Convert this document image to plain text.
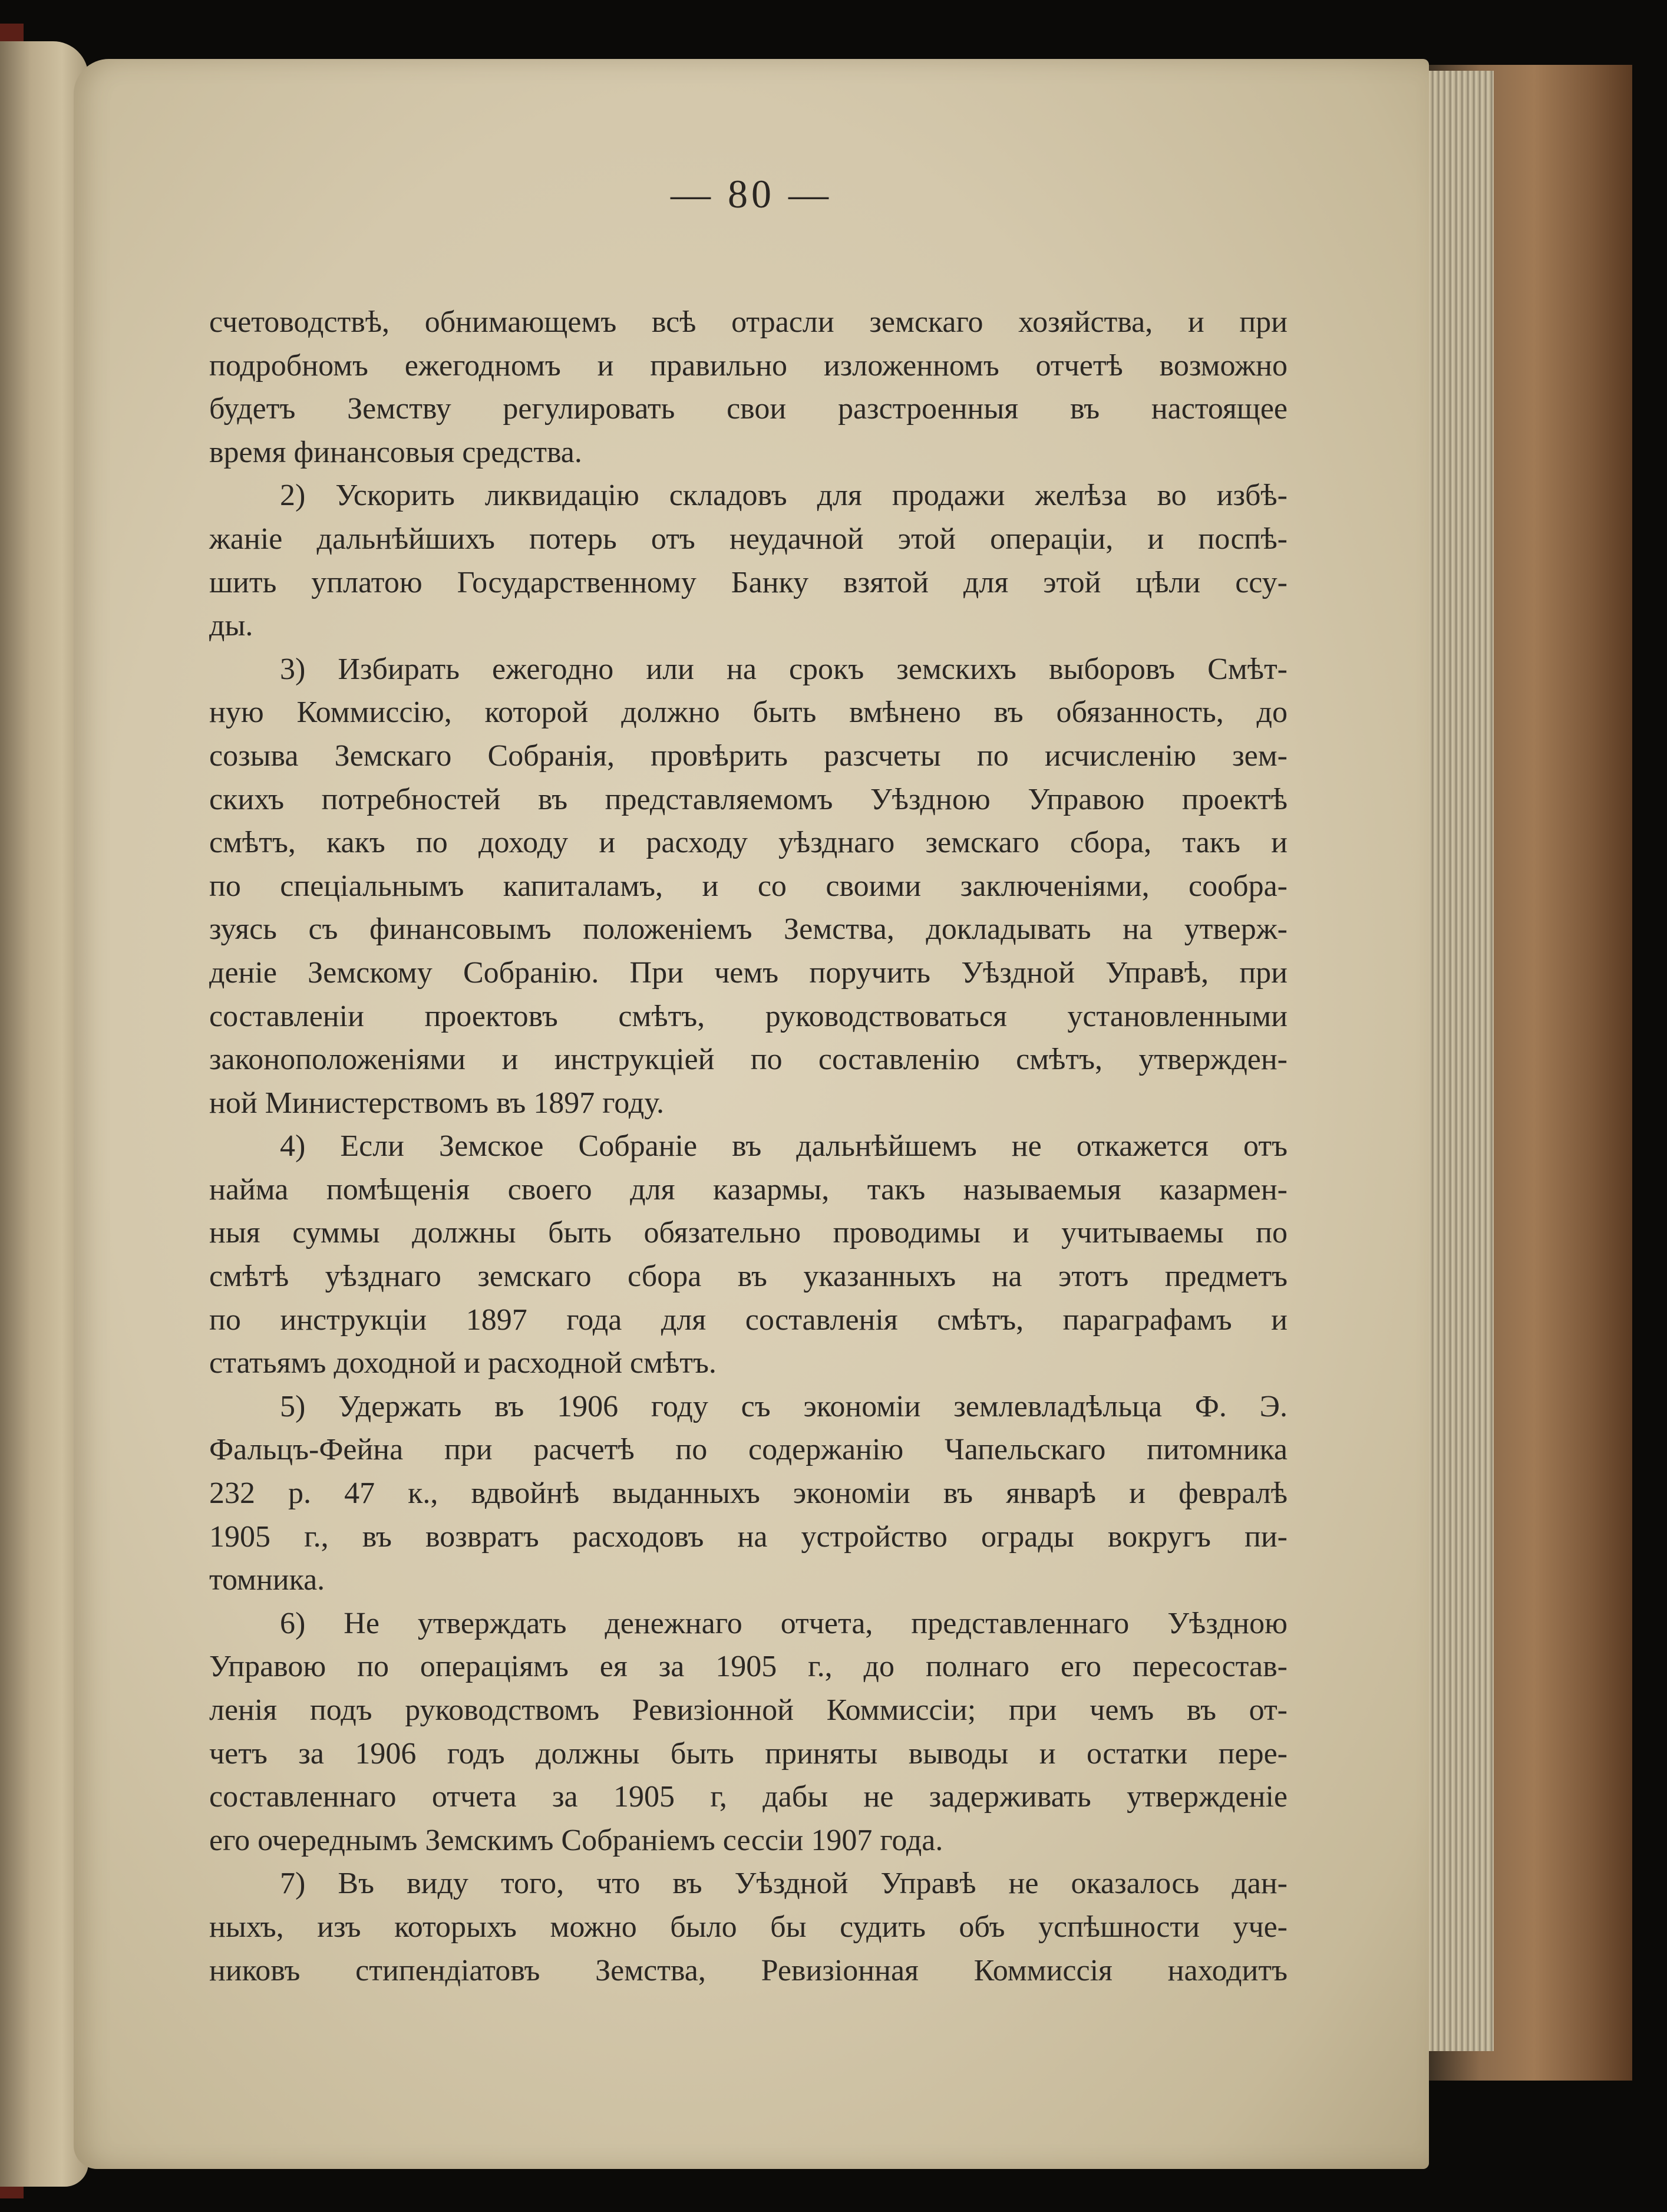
— 80 —
счетоводствѣ, обнимающемъ всѣ отрасли земскаго хозяйства, и при
подробномъ ежегодномъ и правильно изложенномъ отчетѣ возможно
будетъ Земству регулировать свои разстроенныя въ настоящее
время финансовыя средства.
2) Ускорить ликвидацію складовъ для продажи желѣза во избѣ-
жаніе дальнѣйшихъ потерь отъ неудачной этой операціи, и поспѣ-
шить уплатою Государственному Банку взятой для этой цѣли ссу-
ды.
3) Избирать ежегодно или на срокъ земскихъ выборовъ Смѣт-
ную Коммиссію, которой должно быть вмѣнено въ обязанность, до
созыва Земскаго Собранія, провѣрить разсчеты по исчисленію зем-
скихъ потребностей въ представляемомъ Уѣздною Управою проектѣ
смѣтъ, какъ по доходу и расходу уѣзднаго земскаго сбора, такъ и
по спеціальнымъ капиталамъ, и со своими заключеніями, сообра-
зуясь съ финансовымъ положеніемъ Земства, докладывать на утверж-
деніе Земскому Собранію. При чемъ поручить Уѣздной Управѣ, при
составленіи проектовъ смѣтъ, руководствоваться установленными
законоположеніями и инструкціей по составленію смѣтъ, утвержден-
ной Министерствомъ въ 1897 году.
4) Если Земское Собраніе въ дальнѣйшемъ не откажется отъ
найма помѣщенія своего для казармы, такъ называемыя казармен-
ныя суммы должны быть обязательно проводимы и учитываемы по
смѣтѣ уѣзднаго земскаго сбора въ указанныхъ на этотъ предметъ
по инструкціи 1897 года для составленія смѣтъ, параграфамъ и
статьямъ доходной и расходной смѣтъ.
5) Удержать въ 1906 году съ экономіи землевладѣльца Ф. Э.
Фальцъ-Фейна при расчетѣ по содержанію Чапельскаго питомника
232 р. 47 к., вдвойнѣ выданныхъ экономіи въ январѣ и февралѣ
1905 г., въ возвратъ расходовъ на устройство ограды вокругъ пи-
томника.
6) Не утверждать денежнаго отчета, представленнаго Уѣздною
Управою по операціямъ ея за 1905 г., до полнаго его пересостав-
ленія подъ руководствомъ Ревизіонной Коммиссіи; при чемъ въ от-
четъ за 1906 годъ должны быть приняты выводы и остатки пере-
составленнаго отчета за 1905 г, дабы не задерживать утвержденіе
его очереднымъ Земскимъ Собраніемъ сессіи 1907 года.
7) Въ виду того, что въ Уѣздной Управѣ не оказалось дан-
ныхъ, изъ которыхъ можно было бы судить объ успѣшности уче-
никовъ стипендіатовъ Земства, Ревизіонная Коммиссія находитъ
